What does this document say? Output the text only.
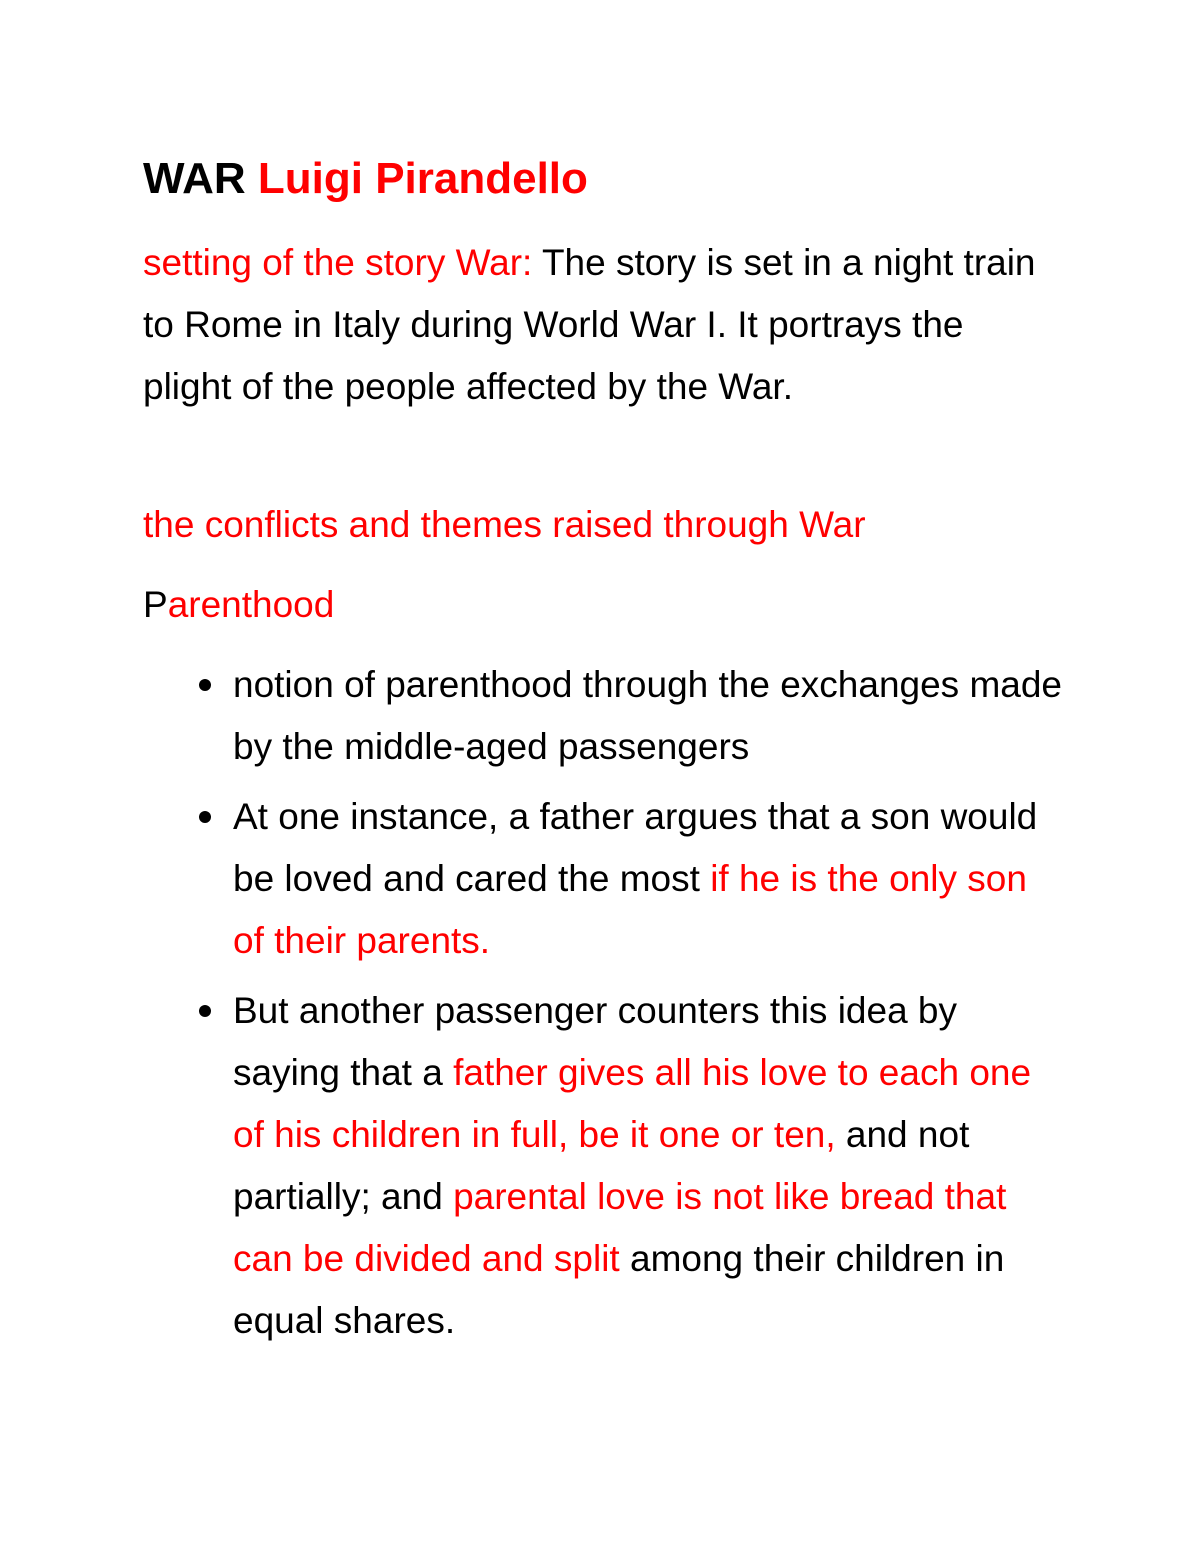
WAR Luigi Pirandello

setting of the story War: The story is set in a night train to Rome in Italy during World War I. It portrays the plight of the people affected by the War.

the conflicts and themes raised through War

Parenthood

notion of parenthood through the exchanges made by the middle-aged passengers

At one instance, a father argues that a son would be loved and cared the most if he is the only son of their parents.

But another passenger counters this idea by saying that a father gives all his love to each one of his children in full, be it one or ten, and not partially; and parental love is not like bread that can be divided and split among their children in equal shares.
